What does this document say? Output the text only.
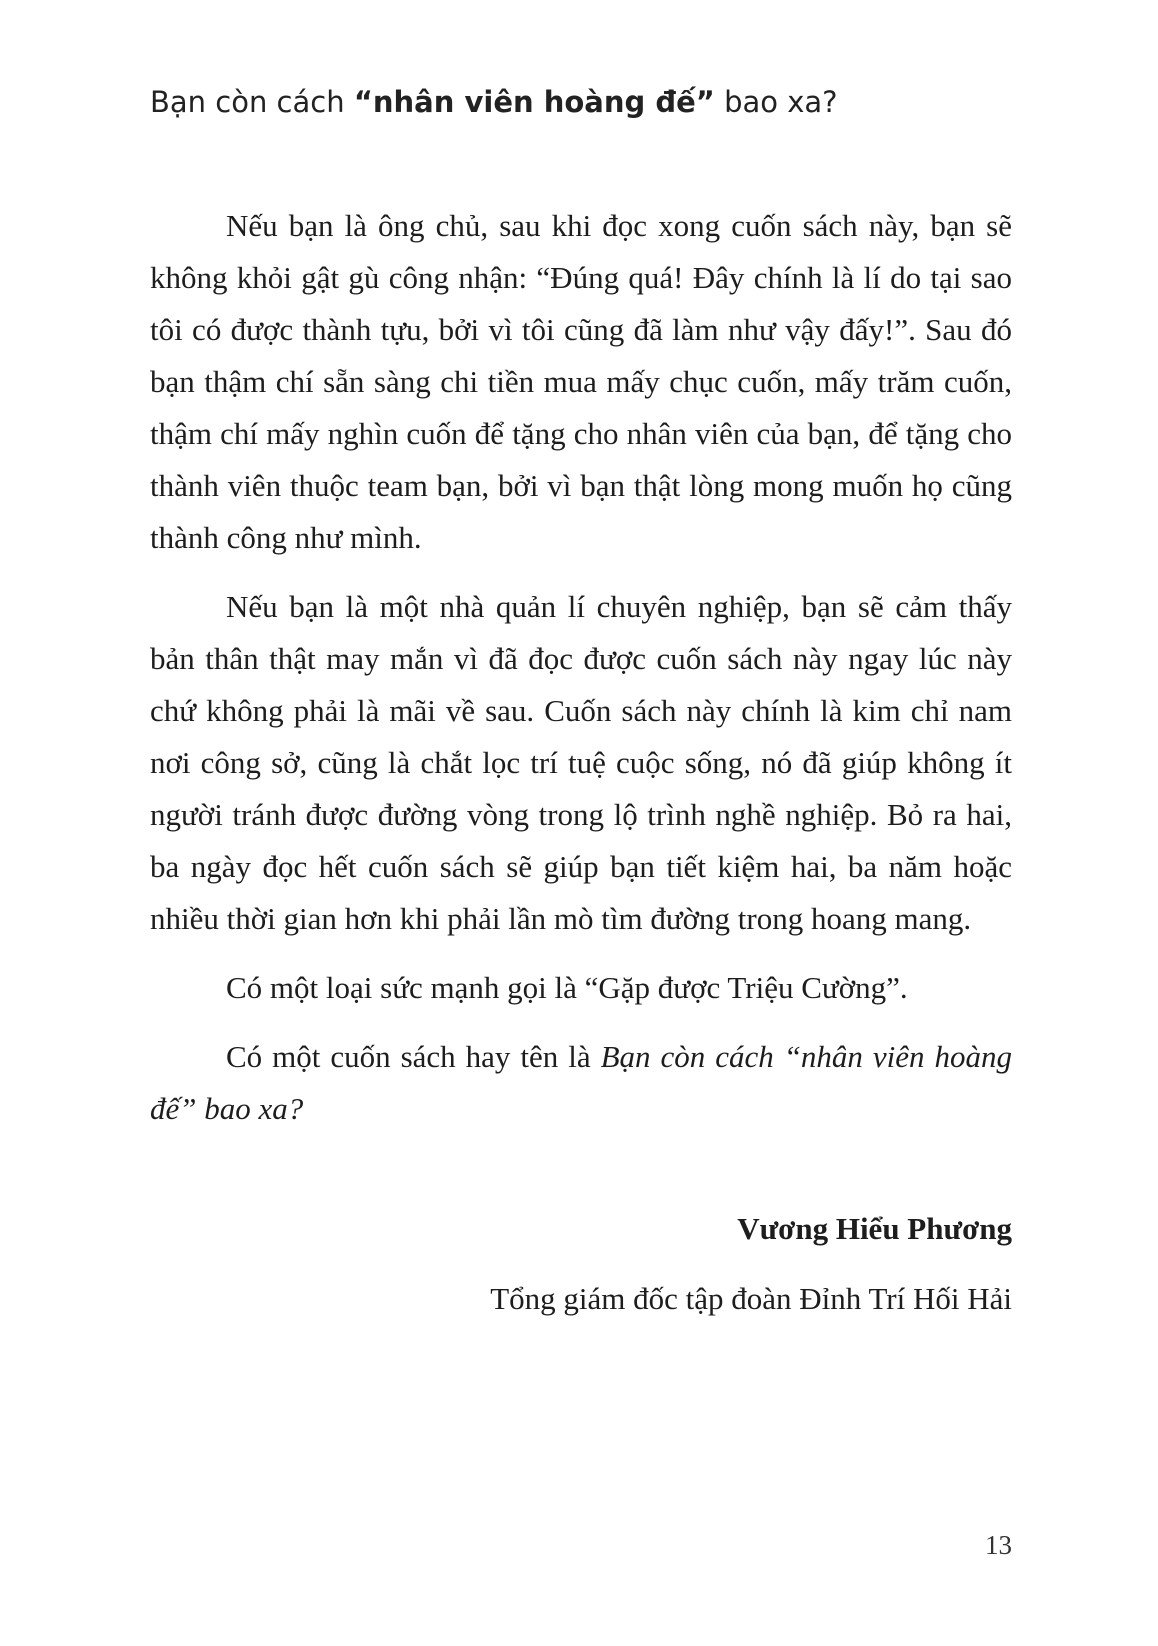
Bạn còn cách “nhân viên hoàng đế” bao xa?

Nếu bạn là ông chủ, sau khi đọc xong cuốn sách này, bạn sẽ không khỏi gật gù công nhận: “Đúng quá! Đây chính là lí do tại sao tôi có được thành tựu, bởi vì tôi cũng đã làm như vậy đấy!”. Sau đó bạn thậm chí sẵn sàng chi tiền mua mấy chục cuốn, mấy trăm cuốn, thậm chí mấy nghìn cuốn để tặng cho nhân viên của bạn, để tặng cho thành viên thuộc team bạn, bởi vì bạn thật lòng mong muốn họ cũng thành công như mình.

Nếu bạn là một nhà quản lí chuyên nghiệp, bạn sẽ cảm thấy bản thân thật may mắn vì đã đọc được cuốn sách này ngay lúc này chứ không phải là mãi về sau. Cuốn sách này chính là kim chỉ nam nơi công sở, cũng là chắt lọc trí tuệ cuộc sống, nó đã giúp không ít người tránh được đường vòng trong lộ trình nghề nghiệp. Bỏ ra hai, ba ngày đọc hết cuốn sách sẽ giúp bạn tiết kiệm hai, ba năm hoặc nhiều thời gian hơn khi phải lần mò tìm đường trong hoang mang.

Có một loại sức mạnh gọi là “Gặp được Triệu Cường”.

Có một cuốn sách hay tên là Bạn còn cách “nhân viên hoàng đế” bao xa?

Vương Hiểu Phương
Tổng giám đốc tập đoàn Đỉnh Trí Hối Hải
13
